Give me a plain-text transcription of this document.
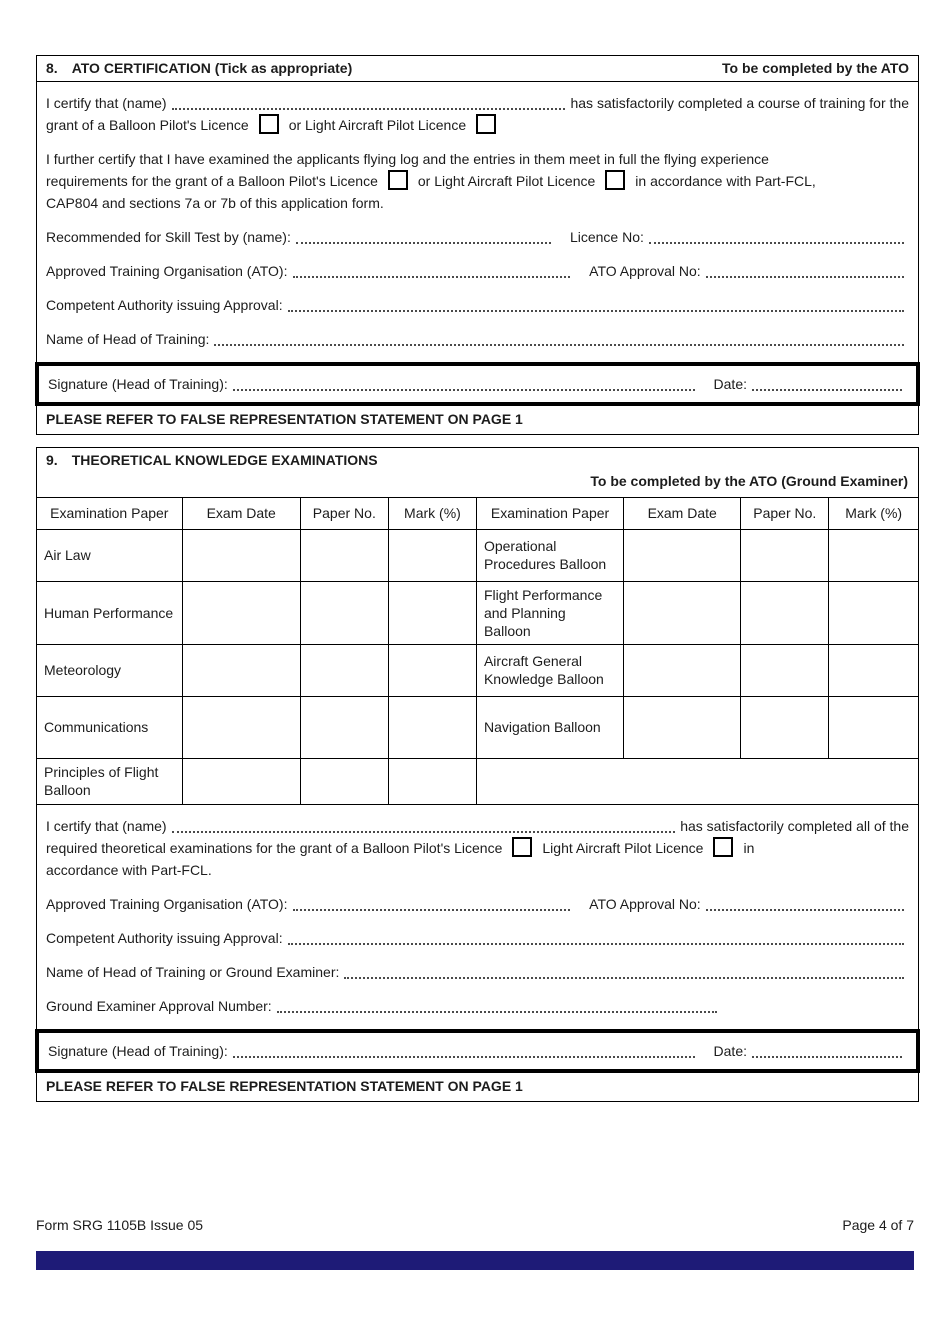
8. ATO CERTIFICATION (Tick as appropriate)	To be completed by the ATO
I certify that (name)	has satisfactorily completed a course of training for the
grant of a Balloon Pilot's Licence	or Light Aircraft Pilot Licence
I further certify that I have examined the applicants flying log and the entries in them meet in full the flying experience
requirements for the grant of a Balloon Pilot's Licence	or Light Aircraft Pilot Licence	in accordance with Part-FCL,
CAP804 and sections 7a or 7b of this application form.
Recommended for Skill Test by (name):	Licence No:
Approved Training Organisation (ATO):	ATO Approval No:
Competent Authority issuing Approval:
Name of Head of Training:
Signature (Head of Training):	Date:
PLEASE REFER TO FALSE REPRESENTATION STATEMENT ON PAGE 1
9. THEORETICAL KNOWLEDGE EXAMINATIONS
To be completed by the ATO (Ground Examiner)
Examination Paper	Exam Date	Paper No.	Mark (%)	Examination Paper	Exam Date	Paper No.	Mark (%)
Air Law				Operational Procedures Balloon			
Human Performance				Flight Performance and Planning Balloon			
Meteorology				Aircraft General Knowledge Balloon			
Communications				Navigation Balloon			
Principles of Flight Balloon							
I certify that (name)	has satisfactorily completed all of the
required theoretical examinations for the grant of a Balloon Pilot's Licence	Light Aircraft Pilot Licence	in
accordance with Part-FCL.
Approved Training Organisation (ATO):	ATO Approval No:
Competent Authority issuing Approval:
Name of Head of Training or Ground Examiner:
Ground Examiner Approval Number:
Signature (Head of Training):	Date:
PLEASE REFER TO FALSE REPRESENTATION STATEMENT ON PAGE 1
Form SRG 1105B Issue 05	Page 4 of 7
